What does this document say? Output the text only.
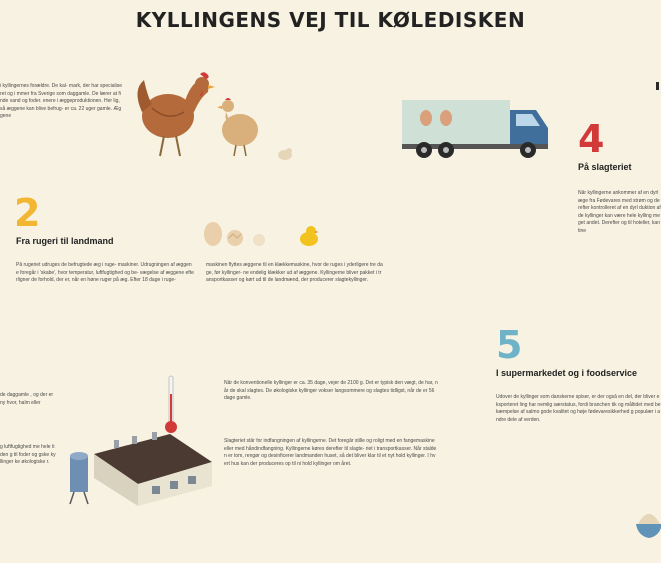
KYLLINGENS VEJ TIL KØLEDISKEN
i kyllingernes forældre. De kal- mark, der har specialiseret og i mmer fra Sverige som daggamle. De lærer at finde vand og foder. enere i æggeproduktionen. Her lig, så æggene kan blive befrug- er ca. 22 uger gamle. Æggene
2
Fra rugeri til landmand
På rugeriet udruges de befrugtede æg i ruge- maskiner. Udrugningen af æggene foregår i 'skabe', hvor temperatur, luftfugtighed og be- vægelse af æggene efterligner de forhold, der er, når en høne ruger på æg. Efter 18 dage i ruge-
maskinen flyttes æggene til en klækkemaskine, hvor de ruges i yderligere tre dage, før kyllinger- ne endelig klækker ud af æggene. Kyllingerne bliver pakket i transportkasser og kørt ud til de landmænd, der producerer slagtekyllinger.
4
På slagteriet
Når kyllingerne ankommer af en dyrlæge fra Fødevares med strøm og derefter kontrolleret af en dyrl duktion af de kyllinger kan være hele kylling meget andet. Derefter og til hoteller, kantine
5
I supermarkedet og i foodservice
Udover de kyllinger som danskerne spiser, er der også en del, der bliver eksporteret ling har nemlig særstatus, fordi branchen tik og måltidet med bekæmpelse af salmo gode kvalitet og høje fødevaresikkerhed g populær i andre dele af verden.
de daggamle , og der er ny hvor, halm eller
g luftfugtighed me hele tiden g til foder og gske kyllinger ke økologiske r.
Når de konventionelle kyllinger er ca. 35 dage, vejer de 2100 g. Det er typisk den vægt, de har, når de skal slagtes. De økologiske kyllinger vokser langsommere og slagtes tidligst, når de er 56 dage gamle.
Slagteriet står for indfangningen af kyllingerne. Det foregår stille og roligt med en fangemaskine eller med håndindfangning. Kyllingerne køres derefter til slagte- riet i transportkasser. Når stalden er tom, rengør og desinficerer landmanden huset, så det bliver klar til et nyt hold kyllinger. I hvert hus kan der produceres op til ni hold kyllinger om året.
